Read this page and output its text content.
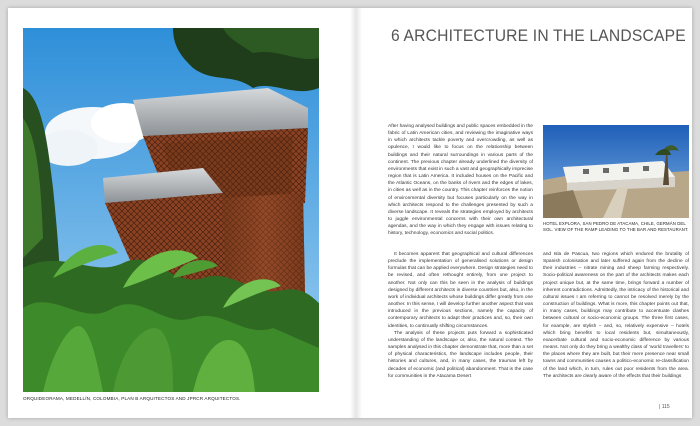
ORQUIDEORAMA, MEDELLÍN, COLOMBIA, PLAN B ARQUITECTOS AND JPRCR ARQUITECTOS.
6 ARCHITECTURE IN THE LANDSCAPE

After having analysed buildings and public spaces embedded in the fabric of Latin American cities, and reviewing the imaginative ways in which architects tackle poverty and overcrowding, as well as opulence, I would like to focus on the relationship between buildings and their natural surroundings in various parts of the continent. The previous chapter already underlined the diversity of environments that exist in such a vast and geographically imprecise region that is Latin America. It included houses on the Pacific and the Atlantic Oceans, on the banks of rivers and the edges of lakes, in cities as well as in the country. This chapter reinforces the notion of environmental diversity but focuses particularly on the way in which architects respond to the challenges presented by such a diverse landscape. It reveals the strategies employed by architects to juggle environmental concerns with their own architectural agendas, and the way in which they engage with issues relating to history, technology, economics and social politics.

HOTEL EXPLORA, SAN PEDRO DE ATACAMA, CHILE, GERMÁN DEL SOL. VIEW OF THE RAMP LEADING TO THE BAR AND RESTAURANT.

It becomes apparent that geographical and cultural differences preclude the implementation of generalised solutions or design formulas that can be applied everywhere. Design strategies need to be revised, and often rethought entirely, from one project to another. Not only can this be seen in the analysis of buildings designed by different architects in diverse countries but, also, in the work of individual architects whose buildings differ greatly from one another. In this sense, I will develop further another aspect that was introduced in the previous sections, namely the capacity of contemporary architects to adapt their practices and, so, their own identities, to continually shifting circumstances.

The analysis of these projects puts forward a sophisticated understanding of the landscape or, also, the natural context. The samples analysed in this chapter demonstrate that, more than a set of physical characteristics, the landscape includes people, their histories and cultures, and, in many cases, the traumas left by decades of economic (and political) abandonment. That is the case for communities in the Atacama Desert

and Isla de Pascua, two regions which endured the brutality of Spanish colonisation and later suffered again from the decline of their industries – nitrate mining and sheep farming respectively. Socio-political awareness on the part of the architects makes each project unique but, at the same time, brings forward a number of inherent contradictions. Admittedly, the intricacy of the historical and cultural issues I am referring to cannot be resolved merely by the construction of buildings. What is more, this chapter points out that, in many cases, buildings may contribute to accentuate clashes between cultural or socio-economic groups. The three first cases, for example, are stylish – and, so, relatively expensive – hotels which bring benefits to local residents but, simultaneously, exacerbate cultural and socio-economic difference by various means. Not only do they bring a wealthy class of ‘world travellers’ to the places where they are built, but their mere presence near small towns and communities causes a politico-economic re-classification of the land which, in turn, rules out poor residents from the area. The architects are clearly aware of the effects that their buildings

| 115
